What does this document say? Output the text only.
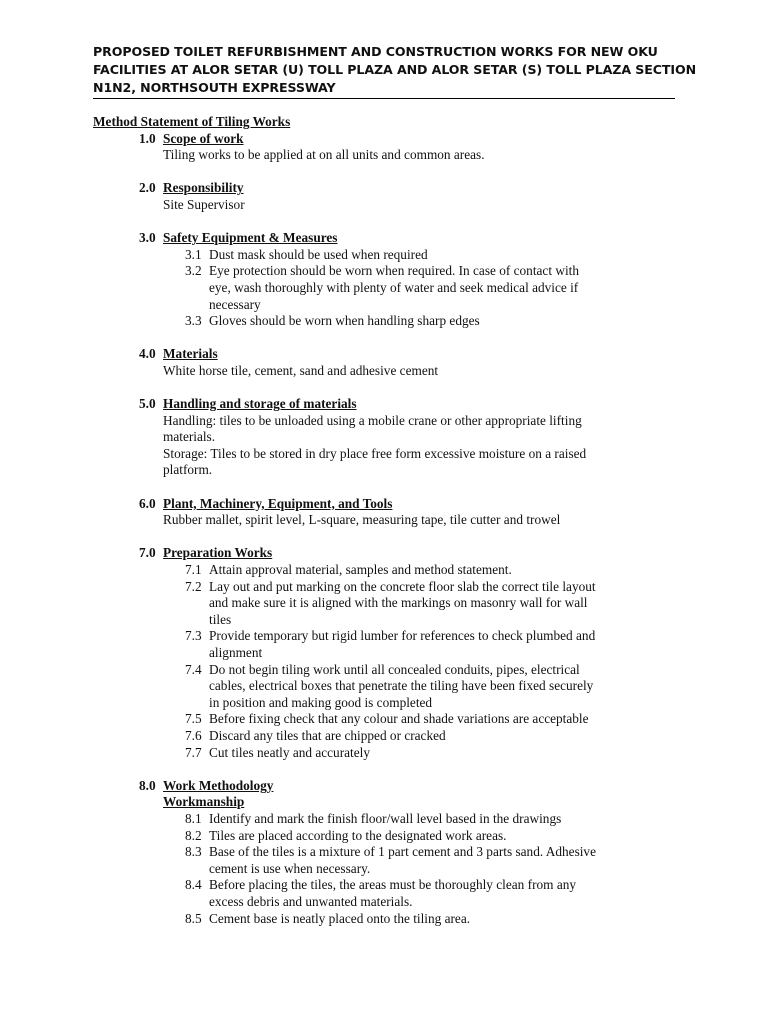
PROPOSED TOILET REFURBISHMENT AND CONSTRUCTION WORKS FOR NEW OKU
FACILITIES AT ALOR SETAR (U) TOLL PLAZA AND ALOR SETAR (S) TOLL PLAZA SECTION
N1N2, NORTHSOUTH EXPRESSWAY
Method Statement of Tiling Works
1.0 Scope of work
Tiling works to be applied at on all units and common areas.
2.0 Responsibility
Site Supervisor
3.0 Safety Equipment & Measures
3.1 Dust mask should be used when required
3.2 Eye protection should be worn when required. In case of contact with
eye, wash thoroughly with plenty of water and seek medical advice if
necessary
3.3 Gloves should be worn when handling sharp edges
4.0 Materials
White horse tile, cement, sand and adhesive cement
5.0 Handling and storage of materials
Handling: tiles to be unloaded using a mobile crane or other appropriate lifting
materials.
Storage: Tiles to be stored in dry place free form excessive moisture on a raised
platform.
6.0 Plant, Machinery, Equipment, and Tools
Rubber mallet, spirit level, L-square, measuring tape, tile cutter and trowel
7.0 Preparation Works
7.1 Attain approval material, samples and method statement.
7.2 Lay out and put marking on the concrete floor slab the correct tile layout
and make sure it is aligned with the markings on masonry wall for wall
tiles
7.3 Provide temporary but rigid lumber for references to check plumbed and
alignment
7.4 Do not begin tiling work until all concealed conduits, pipes, electrical
cables, electrical boxes that penetrate the tiling have been fixed securely
in position and making good is completed
7.5 Before fixing check that any colour and shade variations are acceptable
7.6 Discard any tiles that are chipped or cracked
7.7 Cut tiles neatly and accurately
8.0 Work Methodology
Workmanship
8.1 Identify and mark the finish floor/wall level based in the drawings
8.2 Tiles are placed according to the designated work areas.
8.3 Base of the tiles is a mixture of 1 part cement and 3 parts sand. Adhesive
cement is use when necessary.
8.4 Before placing the tiles, the areas must be thoroughly clean from any
excess debris and unwanted materials.
8.5 Cement base is neatly placed onto the tiling area.
